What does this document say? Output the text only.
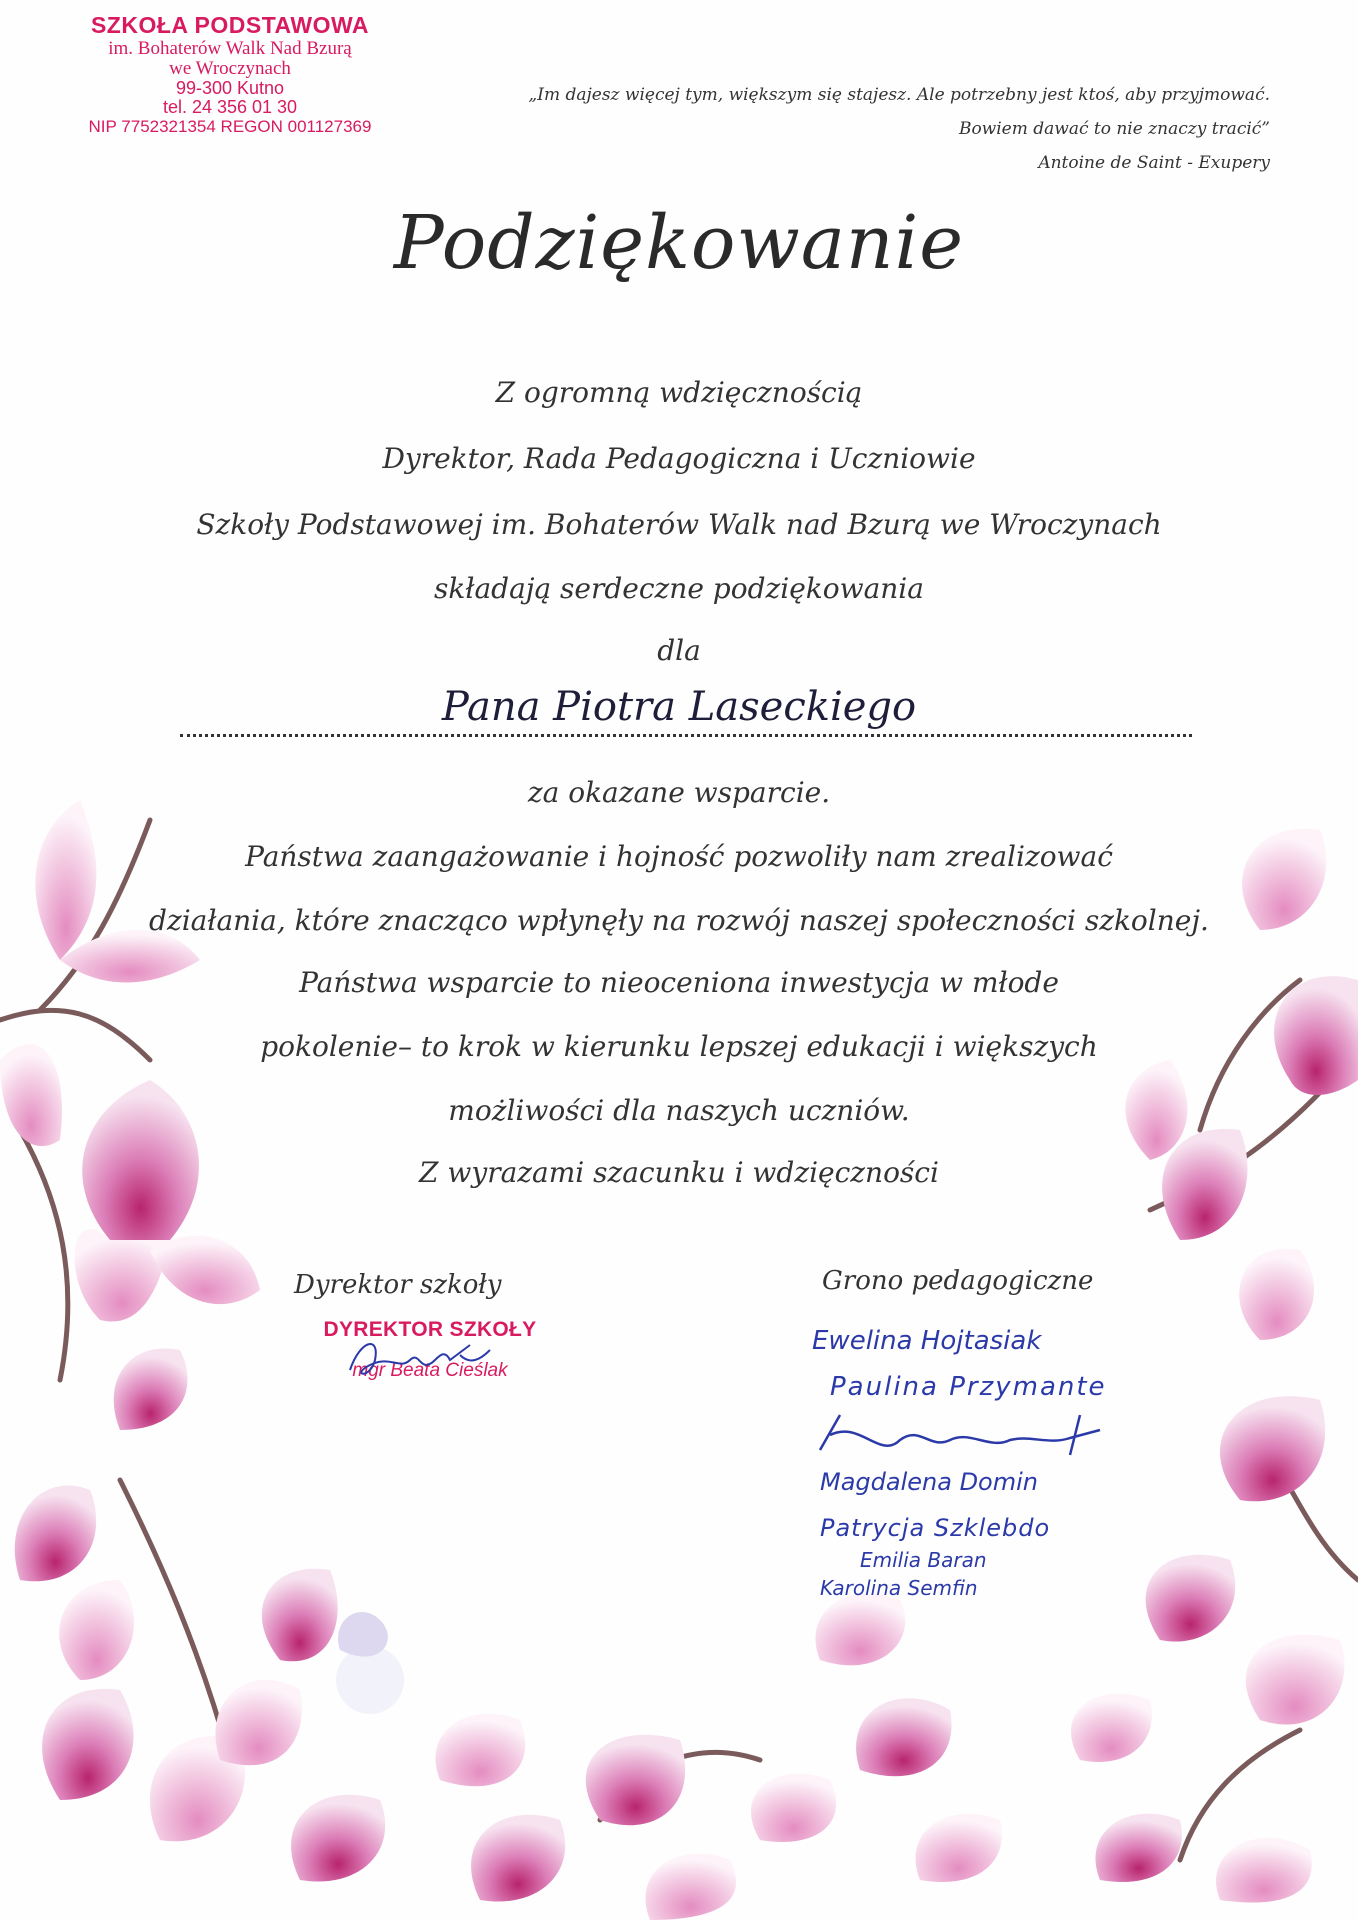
SZKOŁA PODSTAWOWA
im. Bohaterów Walk Nad Bzurą
we Wroczynach
99-300 Kutno
tel. 24 356 01 30
NIP 7752321354 REGON 001127369
„Im dajesz więcej tym, większym się stajesz. Ale potrzebny jest ktoś, aby przyjmować.
Bowiem dawać to nie znaczy tracić”
Antoine de Saint - Exupery
Podziękowanie
Z ogromną wdzięcznością
Dyrektor, Rada Pedagogiczna i Uczniowie
Szkoły Podstawowej im. Bohaterów Walk nad Bzurą we Wroczynach
składają serdeczne podziękowania
dla
Pana Piotra Laseckiego
za okazane wsparcie.
Państwa zaangażowanie i hojność pozwoliły nam zrealizować
działania, które znacząco wpłynęły na rozwój naszej społeczności szkolnej.
Państwa wsparcie to nieoceniona inwestycja w młode
pokolenie– to krok w kierunku lepszej edukacji i większych
możliwości dla naszych uczniów.
Z wyrazami szacunku i wdzięczności
Dyrektor szkoły
DYREKTOR SZKOŁY
mgr Beata Cieślak
Grono pedagogiczne
Ewelina Hojtasiak
Paulina Przymante
Magdalena Domin
Patrycja Szklebdo
Emilia Baran
Karolina Semfin
